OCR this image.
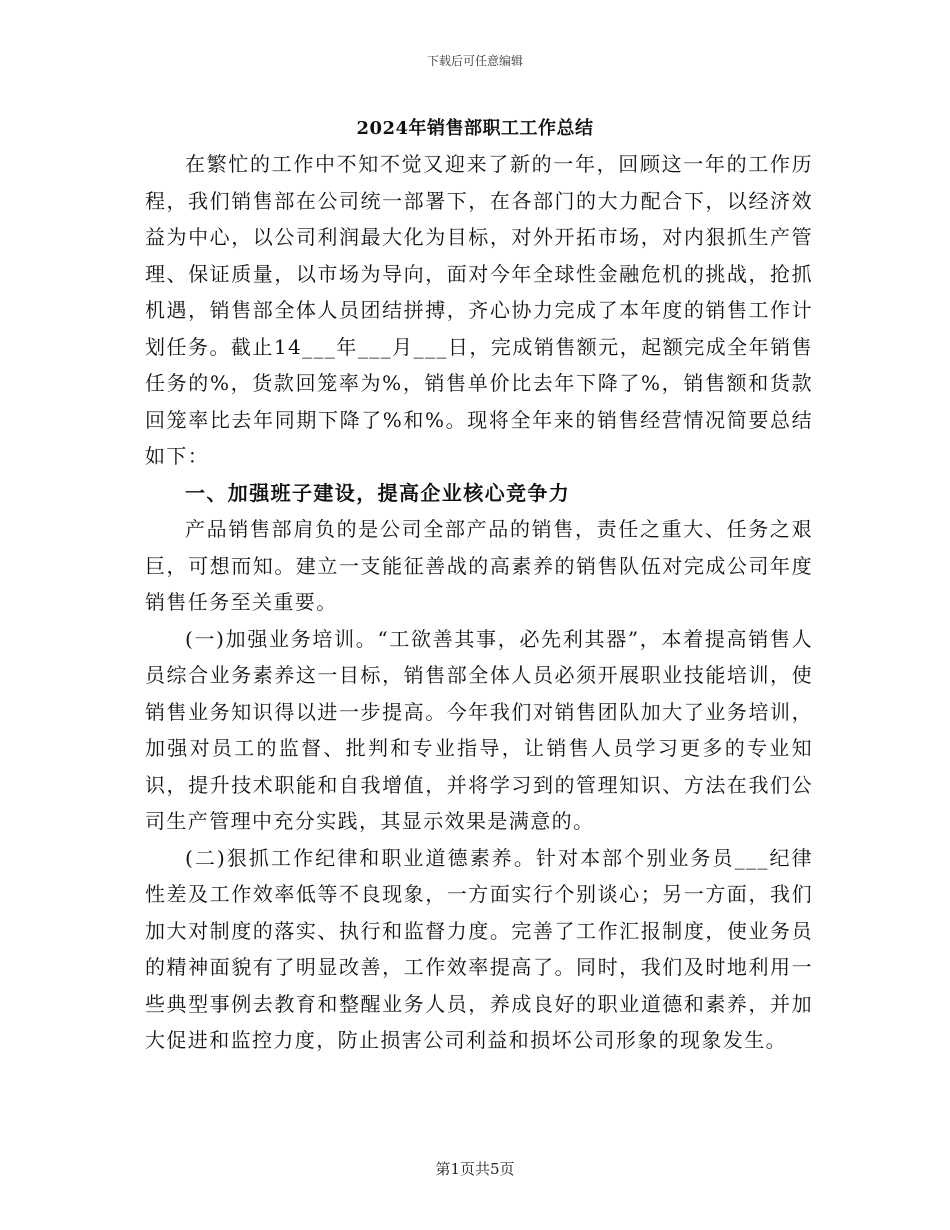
下载后可任意编辑
2024年销售部职工工作总结

在繁忙的工作中不知不觉又迎来了新的一年，回顾这一年的工作历程，我们销售部在公司统一部署下，在各部门的大力配合下，以经济效益为中心，以公司利润最大化为目标，对外开拓市场，对内狠抓生产管理、保证质量，以市场为导向，面对今年全球性金融危机的挑战，抢抓机遇，销售部全体人员团结拼搏，齐心协力完成了本年度的销售工作计划任务。截止14___年___月___日，完成销售额元，起额完成全年销售任务的%，货款回笼率为%，销售单价比去年下降了%，销售额和货款回笼率比去年同期下降了%和%。现将全年来的销售经营情况简要总结如下：

一、加强班子建设，提高企业核心竞争力

产品销售部肩负的是公司全部产品的销售，责任之重大、任务之艰巨，可想而知。建立一支能征善战的高素养的销售队伍对完成公司年度销售任务至关重要。

(一)加强业务培训。“工欲善其事，必先利其器”，本着提高销售人员综合业务素养这一目标，销售部全体人员必须开展职业技能培训，使销售业务知识得以进一步提高。今年我们对销售团队加大了业务培训，加强对员工的监督、批判和专业指导，让销售人员学习更多的专业知识，提升技术职能和自我增值，并将学习到的管理知识、方法在我们公司生产管理中充分实践，其显示效果是满意的。

(二)狠抓工作纪律和职业道德素养。针对本部个别业务员___纪律性差及工作效率低等不良现象，一方面实行个别谈心；另一方面，我们加大对制度的落实、执行和监督力度。完善了工作汇报制度，使业务员的精神面貌有了明显改善，工作效率提高了。同时，我们及时地利用一些典型事例去教育和整醒业务人员，养成良好的职业道德和素养，并加大促进和监控力度，防止损害公司利益和损坏公司形象的现象发生。

第1页共5页
